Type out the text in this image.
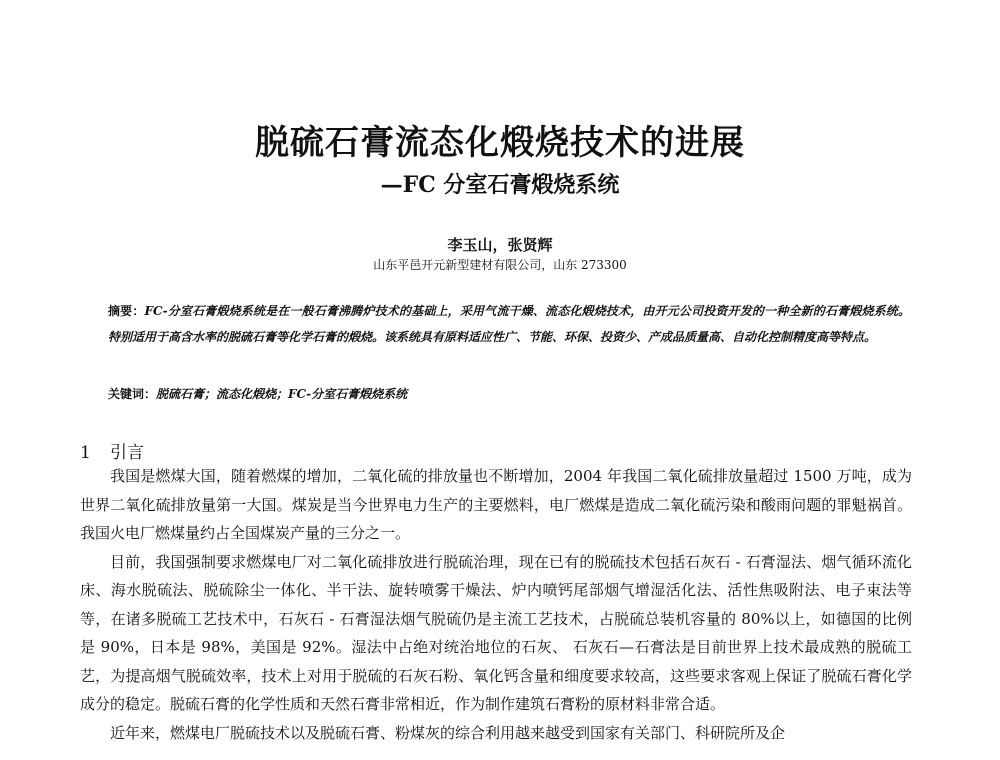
脱硫石膏流态化煅烧技术的进展
—FC 分室石膏煅烧系统
李玉山，张贤辉
山东平邑开元新型建材有限公司，山东 273300
摘要：FC-分室石膏煅烧系统是在一般石膏沸腾炉技术的基础上，采用气流干燥、流态化煅烧技术，由开元公司投资开发的一种全新的石膏煅烧系统。特别适用于高含水率的脱硫石膏等化学石膏的煅烧。该系统具有原料适应性广、节能、环保、投资少、产成品质量高、自动化控制精度高等特点。
关键词：脱硫石膏；流态化煅烧；FC-分室石膏煅烧系统
1 引言

我国是燃煤大国，随着燃煤的增加，二氧化硫的排放量也不断增加，2004 年我国二氧化硫排放量超过 1500 万吨，成为世界二氧化硫排放量第一大国。煤炭是当今世界电力生产的主要燃料，电厂燃煤是造成二氧化硫污染和酸雨问题的罪魁祸首。我国火电厂燃煤量约占全国煤炭产量的三分之一。

目前，我国强制要求燃煤电厂对二氧化硫排放进行脱硫治理，现在已有的脱硫技术包括石灰石 - 石膏湿法、烟气循环流化床、海水脱硫法、脱硫除尘一体化、半干法、旋转喷雾干燥法、炉内喷钙尾部烟气增湿活化法、活性焦吸附法、电子束法等等，在诸多脱硫工艺技术中，石灰石 - 石膏湿法烟气脱硫仍是主流工艺技术，占脱硫总装机容量的 80%以上，如德国的比例是 90%，日本是 98%，美国是 92%。湿法中占绝对统治地位的石灰、 石灰石—石膏法是目前世界上技术最成熟的脱硫工艺，为提高烟气脱硫效率，技术上对用于脱硫的石灰石粉、氧化钙含量和细度要求较高，这些要求客观上保证了脱硫石膏化学成分的稳定。脱硫石膏的化学性质和天然石膏非常相近，作为制作建筑石膏粉的原材料非常合适。

近年来，燃煤电厂脱硫技术以及脱硫石膏、粉煤灰的综合利用越来越受到国家有关部门、科研院所及企
